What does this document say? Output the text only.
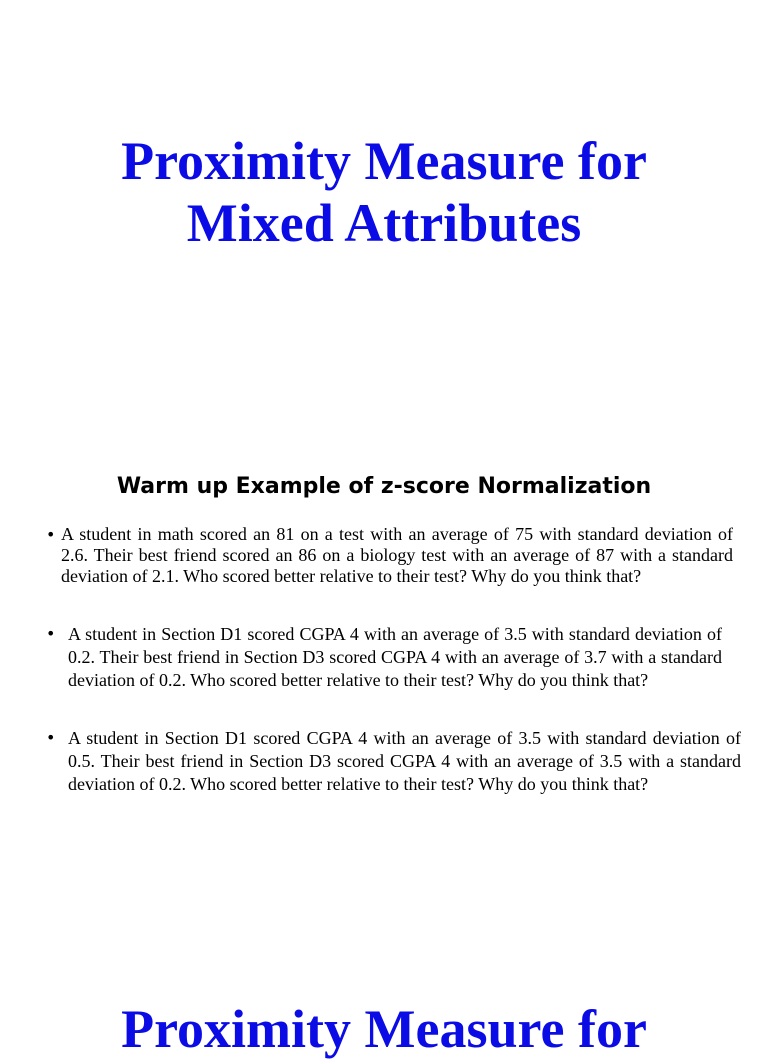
Proximity Measure for
Mixed Attributes
Warm up Example of z-score Normalization
• A student in math scored an 81 on a test with an average of 75 with standard deviation of 2.6. Their best friend scored an 86 on a biology test with an average of 87 with a standard deviation of 2.1. Who scored better relative to their test? Why do you think that?
• A student in Section D1 scored CGPA 4 with an average of 3.5 with standard deviation of 0.2. Their best friend in Section D3 scored CGPA 4 with an average of 3.7 with a standard deviation of 0.2. Who scored better relative to their test? Why do you think that?
• A student in Section D1 scored CGPA 4 with an average of 3.5 with standard deviation of 0.5. Their best friend in Section D3 scored CGPA 4 with an average of 3.5 with a standard deviation of 0.2. Who scored better relative to their test? Why do you think that?
Proximity Measure for
